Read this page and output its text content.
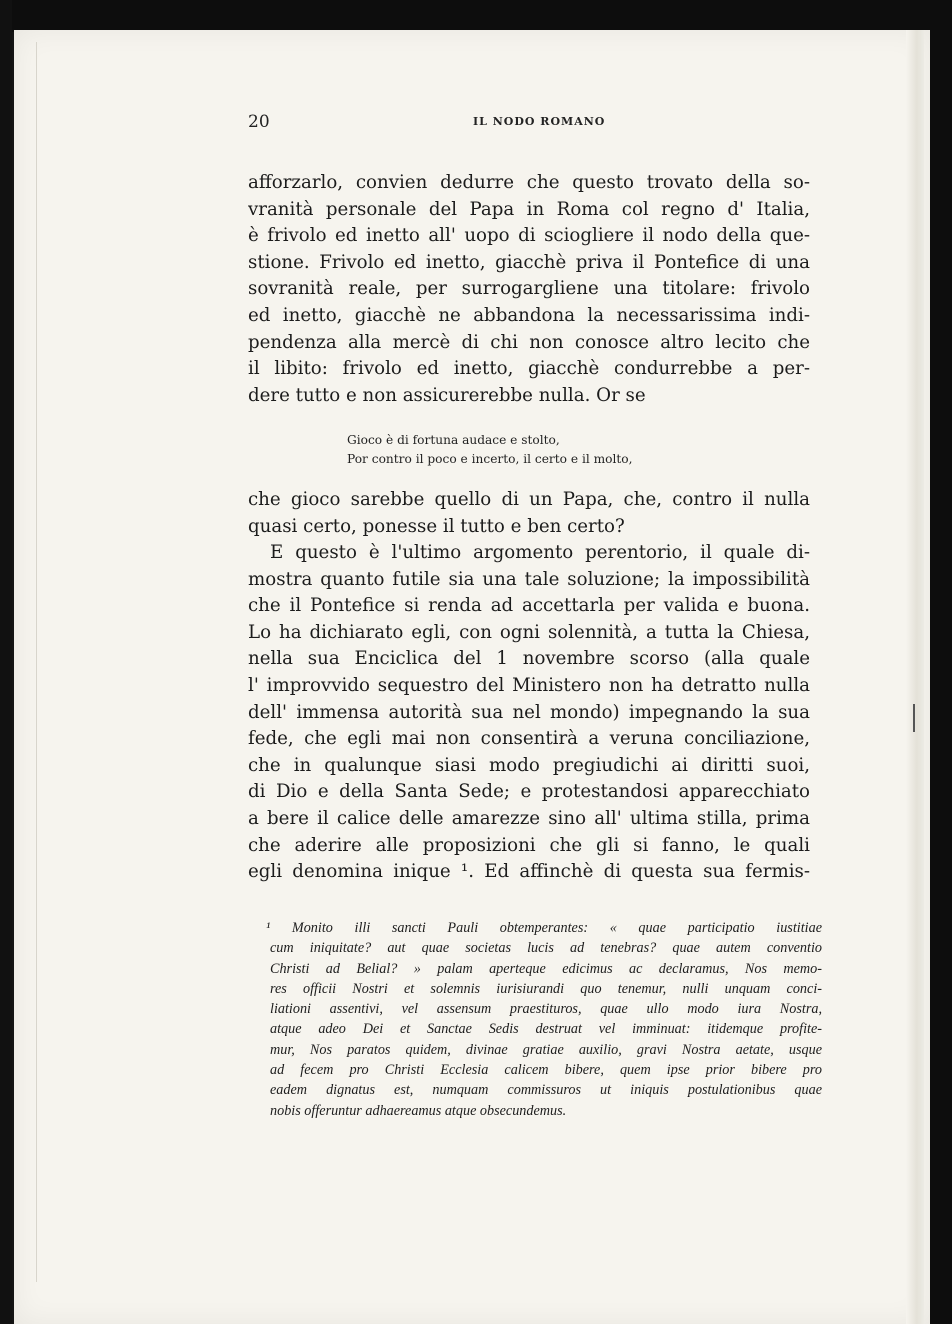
20	IL NODO ROMANO
afforzarlo, convien dedurre che questo trovato della so-
vranità personale del Papa in Roma col regno d' Italia,
è frivolo ed inetto all' uopo di sciogliere il nodo della que-
stione. Frivolo ed inetto, giacchè priva il Pontefice di una
sovranità reale, per surrogargliene una titolare: frivolo
ed inetto, giacchè ne abbandona la necessarissima indi-
pendenza alla mercè di chi non conosce altro lecito che
il libito: frivolo ed inetto, giacchè condurrebbe a per-
dere tutto e non assicurerebbe nulla. Or se
Gioco è di fortuna audace e stolto,
Por contro il poco e incerto, il certo e il molto,
che gioco sarebbe quello di un Papa, che, contro il nulla
quasi certo, ponesse il tutto e ben certo?
E questo è l'ultimo argomento perentorio, il quale di-
mostra quanto futile sia una tale soluzione; la impossibilità
che il Pontefice si renda ad accettarla per valida e buona.
Lo ha dichiarato egli, con ogni solennità, a tutta la Chiesa,
nella sua Enciclica del 1 novembre scorso (alla quale
l' improvvido sequestro del Ministero non ha detratto nulla
dell' immensa autorità sua nel mondo) impegnando la sua
fede, che egli mai non consentirà a veruna conciliazione,
che in qualunque siasi modo pregiudichi ai diritti suoi,
di Dio e della Santa Sede; e protestandosi apparecchiato
a bere il calice delle amarezze sino all' ultima stilla, prima
che aderire alle proposizioni che gli si fanno, le quali
egli denomina inique ¹. Ed affinchè di questa sua fermis-
¹ Monito illi sancti Pauli obtemperantes: « quae participatio iustitiae
cum iniquitate? aut quae societas lucis ad tenebras? quae autem conventio
Christi ad Belial? » palam aperteque edicimus ac declaramus, Nos memo-
res officii Nostri et solemnis iurisiurandi quo tenemur, nulli unquam conci-
liationi assentivi, vel assensum praestituros, quae ullo modo iura Nostra,
atque adeo Dei et Sanctae Sedis destruat vel imminuat: itidemque profite-
mur, Nos paratos quidem, divinae gratiae auxilio, gravi Nostra aetate, usque
ad fecem pro Christi Ecclesia calicem bibere, quem ipse prior bibere pro
eadem dignatus est, numquam commissuros ut iniquis postulationibus quae
nobis offeruntur adhaereamus atque obsecundemus.
